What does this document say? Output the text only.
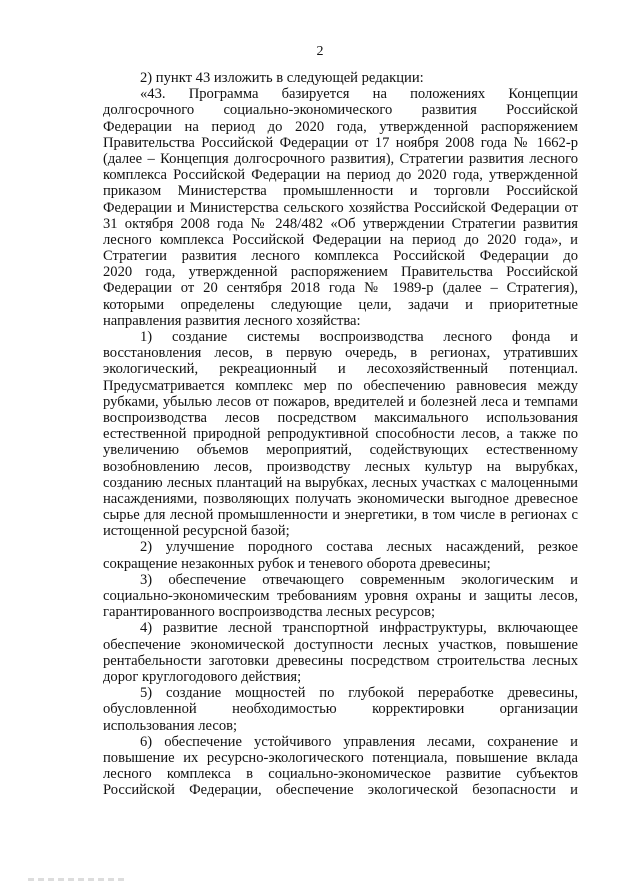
2
2) пункт 43 изложить в следующей редакции:
«43. Программа базируется на положениях Концепции
долгосрочного социально-экономического развития Российской
Федерации на период до 2020 года, утвержденной распоряжением
Правительства Российской Федерации от 17 ноября 2008 года № 1662-р
(далее – Концепция долгосрочного развития), Стратегии развития лесного
комплекса Российской Федерации на период до 2020 года, утвержденной
приказом Министерства промышленности и торговли Российской
Федерации и Министерства сельского хозяйства Российской Федерации от
31 октября 2008 года № 248/482 «Об утверждении Стратегии развития
лесного комплекса Российской Федерации на период до 2020 года», и
Стратегии развития лесного комплекса Российской Федерации до
2020 года, утвержденной распоряжением Правительства Российской
Федерации от 20 сентября 2018 года № 1989-р (далее – Стратегия),
которыми определены следующие цели, задачи и приоритетные
направления развития лесного хозяйства:
1) создание системы воспроизводства лесного фонда и
восстановления лесов, в первую очередь, в регионах, утративших
экологический, рекреационный и лесохозяйственный потенциал.
Предусматривается комплекс мер по обеспечению равновесия между
рубками, убылью лесов от пожаров, вредителей и болезней леса и темпами
воспроизводства лесов посредством максимального использования
естественной природной репродуктивной способности лесов, а также по
увеличению объемов мероприятий, содействующих естественному
возобновлению лесов, производству лесных культур на вырубках,
созданию лесных плантаций на вырубках, лесных участках с малоценными
насаждениями, позволяющих получать экономически выгодное древесное
сырье для лесной промышленности и энергетики, в том числе в регионах с
истощенной ресурсной базой;
2) улучшение породного состава лесных насаждений, резкое
сокращение незаконных рубок и теневого оборота древесины;
3) обеспечение отвечающего современным экологическим и
социально-экономическим требованиям уровня охраны и защиты лесов,
гарантированного воспроизводства лесных ресурсов;
4) развитие лесной транспортной инфраструктуры, включающее
обеспечение экономической доступности лесных участков, повышение
рентабельности заготовки древесины посредством строительства лесных
дорог круглогодового действия;
5) создание мощностей по глубокой переработке древесины,
обусловленной необходимостью корректировки организации
использования лесов;
6) обеспечение устойчивого управления лесами, сохранение и
повышение их ресурсно-экологического потенциала, повышение вклада
лесного комплекса в социально-экономическое развитие субъектов
Российской Федерации, обеспечение экологической безопасности и
